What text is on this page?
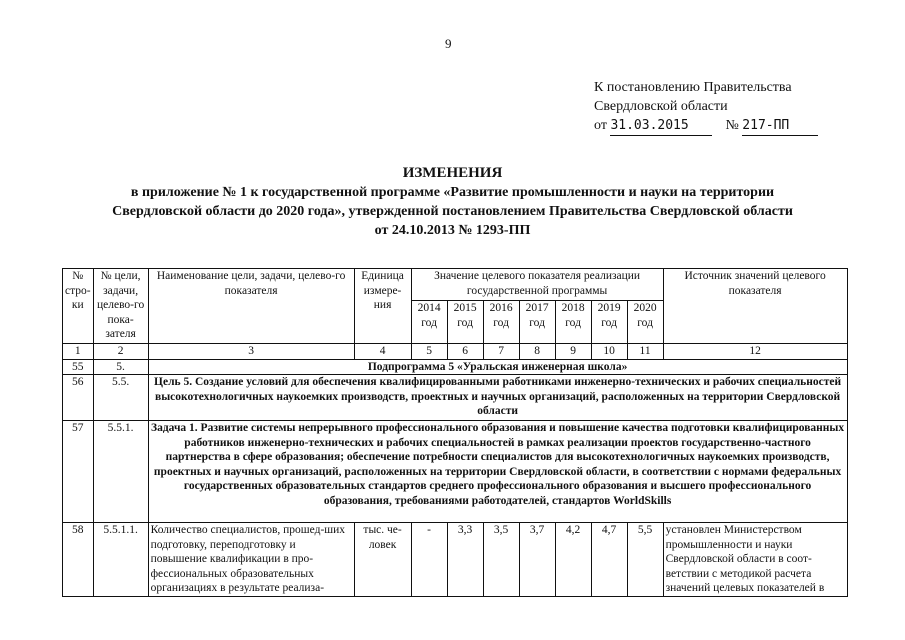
9
К постановлению Правительства
Свердловской области
от 31.03.2015	№ 217-ПП
ИЗМЕНЕНИЯ
в приложение № 1 к государственной программе «Развитие промышленности и науки на территории
Свердловской области до 2020 года», утвержденной постановлением Правительства Свердловской области
от 24.10.2013 № 1293-ПП
№ стро-ки	№ цели, задачи, целево-го пока-зателя	Наименование цели, задачи, целево-го показателя	Единица измере-ния	Значение целевого показателя реализации государственной программы							Источник значений целевого показателя
				2014 год	2015 год	2016 год	2017 год	2018 год	2019 год	2020 год	
1	2	3	4	5	6	7	8	9	10	11	12
55	5.	Подпрограмма 5 «Уральская инженерная школа»									
56	5.5.	Цель 5. Создание условий для обеспечения квалифицированными работниками инженерно-технических и рабочих специальностей высокотехнологичных наукоемких производств, проектных и научных организаций, расположенных на территории Свердловской области									
57	5.5.1.	Задача 1. Развитие системы непрерывного профессионального образования и повышение качества подготовки квалифицированных работников инженерно-технических и рабочих специальностей в рамках реализации проектов государственно-частного партнерства в сфере образования; обеспечение потребности специалистов для высокотехнологичных наукоемких производств, проектных и научных организаций, расположенных на территории Свердловской области, в соответствии с нормами федеральных государственных образовательных стандартов среднего профессионального образования и высшего профессионального образования, требованиями работодателей, стандартов WorldSkills									
58	5.5.1.1.	Количество специалистов, прошед-ших подготовку, переподготовку и повышение квалификации в про-фессиональных образовательных организациях в результате реализа-	тыс. че-ловек	-	3,3	3,5	3,7	4,2	4,7	5,5	установлен Министерством промышленности и науки Свердловской области в соот-ветствии с методикой расчета значений целевых показателей в
